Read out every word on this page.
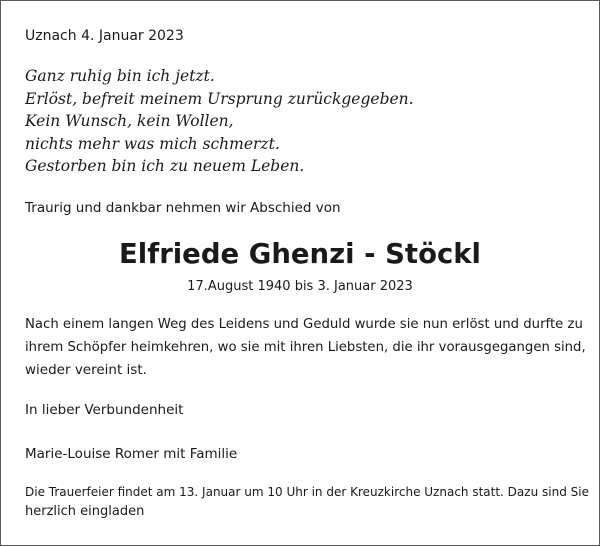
Uznach 4. Januar 2023

Ganz ruhig bin ich jetzt.
Erlöst, befreit meinem Ursprung zurückgegeben.
Kein Wunsch, kein Wollen,
nichts mehr was mich schmerzt.
Gestorben bin ich zu neuem Leben.

Traurig und dankbar nehmen wir Abschied von

Elfriede Ghenzi - Stöckl

17.August 1940 bis 3. Januar 2023

Nach einem langen Weg des Leidens und Geduld wurde sie nun erlöst und durfte zu
ihrem Schöpfer heimkehren, wo sie mit ihren Liebsten, die ihr vorausgegangen sind,
wieder vereint ist.

In lieber Verbundenheit

Marie-Louise Romer mit Familie

Die Trauerfeier findet am 13. Januar um 10 Uhr in der Kreuzkirche Uznach statt. Dazu sind Sie
herzlich eingladen
